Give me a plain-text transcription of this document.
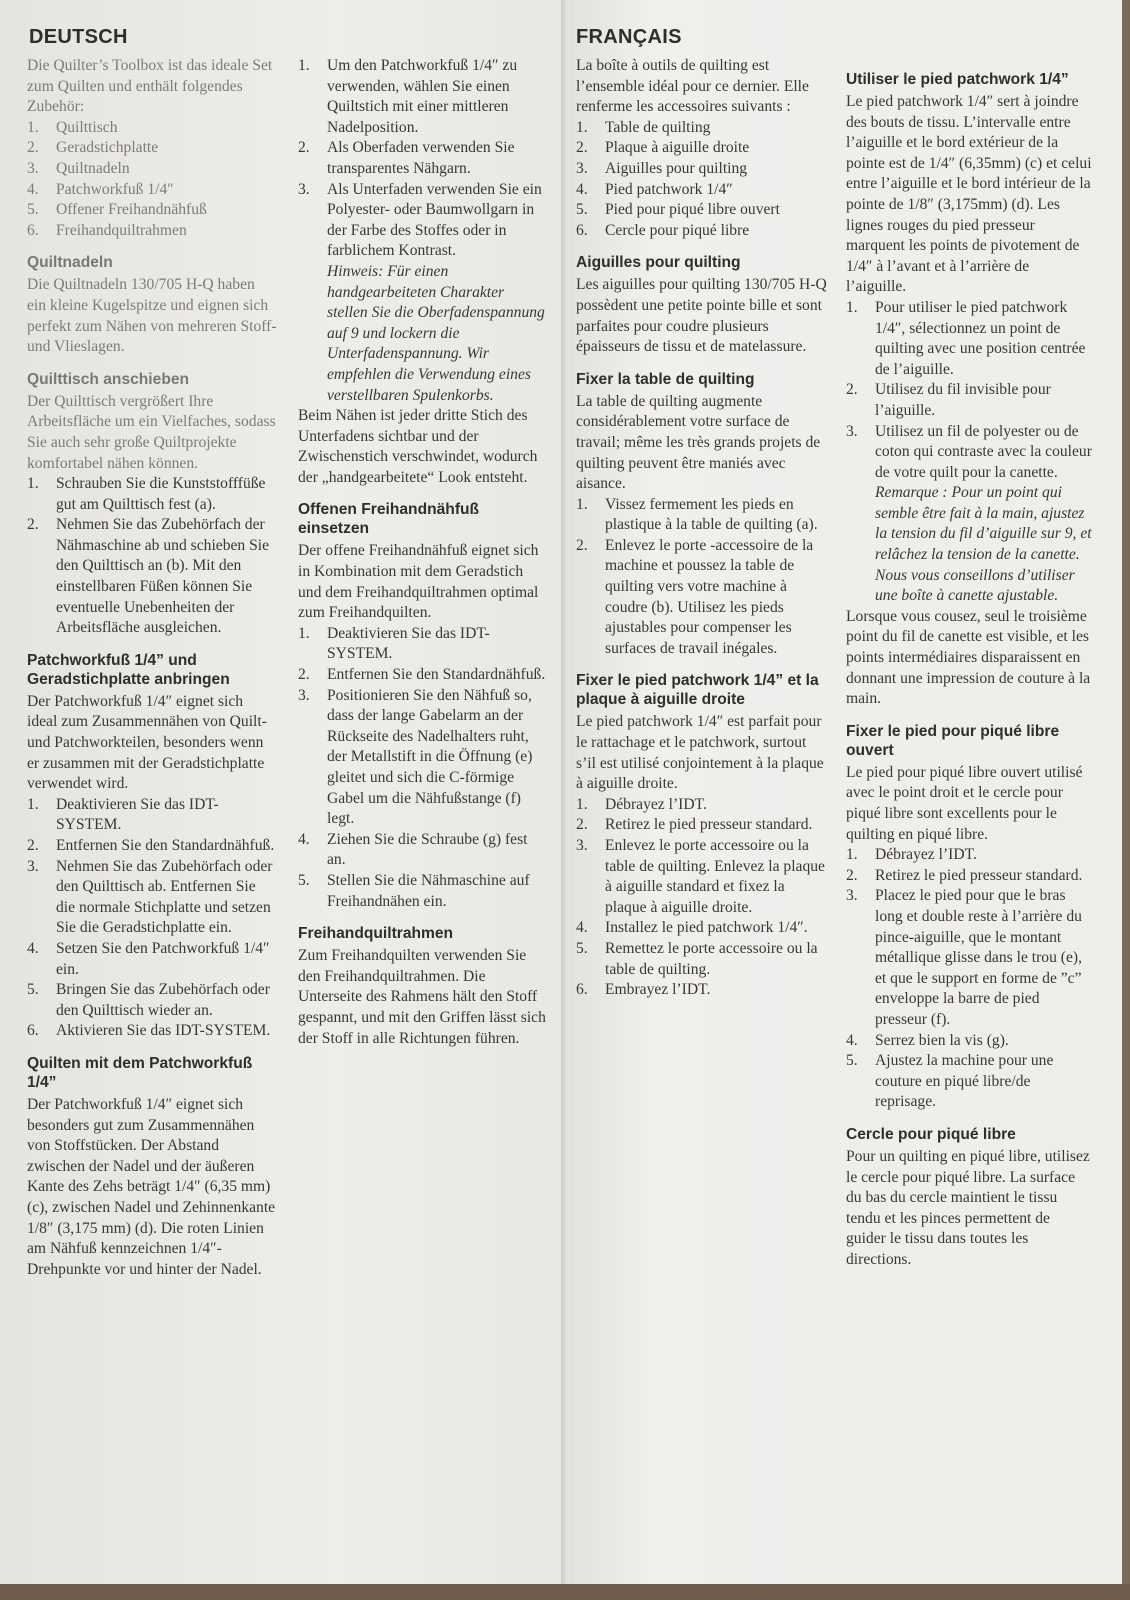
DEUTSCH

Die Quilter’s Toolbox ist das ideale Set zum Quilten und enthält folgendes Zubehör:

1. Quilttisch
2. Geradstichplatte
3. Quiltnadeln
4. Patchworkfuß 1/4″
5. Offener Freihandnähfuß
6. Freihandquiltrahmen
Quiltnadeln

Die Quiltnadeln 130/705 H-Q haben ein kleine Kugelspitze und eignen sich perfekt zum Nähen von mehreren Stoff- und Vlieslagen.

Quilttisch anschieben

Der Quilttisch vergrößert Ihre Arbeitsfläche um ein Vielfaches, sodass Sie auch sehr große Quiltprojekte komfortabel nähen können.

1. Schrauben Sie die Kunststofffüße gut am Quilttisch fest (a).
2. Nehmen Sie das Zubehörfach der Nähmaschine ab und schieben Sie den Quilttisch an (b). Mit den einstellbaren Füßen können Sie eventuelle Unebenheiten der Arbeitsfläche ausgleichen.
Patchworkfuß 1/4” und Geradstichplatte anbringen

Der Patchworkfuß 1/4″ eignet sich ideal zum Zusammennähen von Quilt- und Patchworkteilen, besonders wenn er zusammen mit der Geradstichplatte verwendet wird.

1. Deaktivieren Sie das IDT-SYSTEM.
2. Entfernen Sie den Standardnähfuß.
3. Nehmen Sie das Zubehörfach oder den Quilttisch ab. Entfernen Sie die normale Stichplatte und setzen Sie die Geradstichplatte ein.
4. Setzen Sie den Patchworkfuß 1/4″ ein.
5. Bringen Sie das Zubehörfach oder den Quilttisch wieder an.
6. Aktivieren Sie das IDT-SYSTEM.
Quilten mit dem Patchworkfuß 1/4”

Der Patchworkfuß 1/4″ eignet sich besonders gut zum Zusammennähen von Stoffstücken. Der Abstand zwischen der Nadel und der äußeren Kante des Zehs beträgt 1/4″ (6,35 mm) (c), zwischen Nadel und Zehinnenkante 1/8″ (3,175 mm) (d). Die roten Linien am Nähfuß kennzeichnen 1/4″-Drehpunkte vor und hinter der Nadel.

1. Um den Patchworkfuß 1/4″ zu verwenden, wählen Sie einen Quiltstich mit einer mittleren Nadelposition.
2. Als Oberfaden verwenden Sie transparentes Nähgarn.
3. Als Unterfaden verwenden Sie ein Polyester- oder Baumwollgarn in der Farbe des Stoffes oder in farblichem Kontrast.

Hinweis: Für einen handgearbeiteten Charakter stellen Sie die Oberfadenspannung auf 9 und lockern die Unterfadenspannung. Wir empfehlen die Verwendung eines verstellbaren Spulenkorbs.

Beim Nähen ist jeder dritte Stich des Unterfadens sichtbar und der Zwischenstich verschwindet, wodurch der „handgearbeitete“ Look entsteht.

Offenen Freihandnähfuß einsetzen

Der offene Freihandnähfuß eignet sich in Kombination mit dem Geradstich und dem Freihandquiltrahmen optimal zum Freihandquilten.

1. Deaktivieren Sie das IDT-SYSTEM.
2. Entfernen Sie den Standardnähfuß.
3. Positionieren Sie den Nähfuß so, dass der lange Gabelarm an der Rückseite des Nadelhalters ruht, der Metallstift in die Öffnung (e) gleitet und sich die C-förmige Gabel um die Nähfußstange (f) legt.
4. Ziehen Sie die Schraube (g) fest an.
5. Stellen Sie die Nähmaschine auf Freihandnähen ein.
Freihandquiltrahmen

Zum Freihandquilten verwenden Sie den Freihandquiltrahmen. Die Unterseite des Rahmens hält den Stoff gespannt, und mit den Griffen lässt sich der Stoff in alle Richtungen führen.

FRANÇAIS

La boîte à outils de quilting est l’ensemble idéal pour ce dernier. Elle renferme les accessoires suivants :

1. Table de quilting
2. Plaque à aiguille droite
3. Aiguilles pour quilting
4. Pied patchwork 1/4″
5. Pied pour piqué libre ouvert
6. Cercle pour piqué libre
Aiguilles pour quilting

Les aiguilles pour quilting 130/705 H-Q possèdent une petite pointe bille et sont parfaites pour coudre plusieurs épaisseurs de tissu et de matelassure.

Fixer la table de quilting

La table de quilting augmente considérablement votre surface de travail; même les très grands projets de quilting peuvent être maniés avec aisance.

1. Vissez fermement les pieds en plastique à la table de quilting (a).
2. Enlevez le porte -accessoire de la machine et poussez la table de quilting vers votre machine à coudre (b). Utilisez les pieds ajustables pour compenser les surfaces de travail inégales.
Fixer le pied patchwork 1/4” et la plaque à aiguille droite

Le pied patchwork 1/4″ est parfait pour le rattachage et le patchwork, surtout s’il est utilisé conjointement à la plaque à aiguille droite.

1. Débrayez l’IDT.
2. Retirez le pied presseur standard.
3. Enlevez le porte accessoire ou la table de quilting. Enlevez la plaque à aiguille standard et fixez la plaque à aiguille droite.
4. Installez le pied patchwork 1/4″.
5. Remettez le porte accessoire ou la table de quilting.
6. Embrayez l’IDT.
Utiliser le pied patchwork 1/4”

Le pied patchwork 1/4″ sert à joindre des bouts de tissu. L’intervalle entre l’aiguille et le bord extérieur de la pointe est de 1/4″ (6,35mm) (c) et celui entre l’aiguille et le bord intérieur de la pointe de 1/8″ (3,175mm) (d). Les lignes rouges du pied presseur marquent les points de pivotement de 1/4″ à l’avant et à l’arrière de l’aiguille.

1. Pour utiliser le pied patchwork 1/4″, sélectionnez un point de quilting avec une position centrée de l’aiguille.
2. Utilisez du fil invisible pour l’aiguille.
3. Utilisez un fil de polyester ou de coton qui contraste avec la couleur de votre quilt pour la canette.

Remarque : Pour un point qui semble être fait à la main, ajustez la tension du fil d’aiguille sur 9, et relâchez la tension de la canette. Nous vous conseillons d’utiliser une boîte à canette ajustable.

Lorsque vous cousez, seul le troisième point du fil de canette est visible, et les points intermédiaires disparaissent en donnant une impression de couture à la main.

Fixer le pied pour piqué libre ouvert

Le pied pour piqué libre ouvert utilisé avec le point droit et le cercle pour piqué libre sont excellents pour le quilting en piqué libre.

1. Débrayez l’IDT.
2. Retirez le pied presseur standard.
3. Placez le pied pour que le bras long et double reste à l’arrière du pince-aiguille, que le montant métallique glisse dans le trou (e), et que le support en forme de ”c” enveloppe la barre de pied presseur (f).
4. Serrez bien la vis (g).
5. Ajustez la machine pour une couture en piqué libre/de reprisage.
Cercle pour piqué libre

Pour un quilting en piqué libre, utilisez le cercle pour piqué libre. La surface du bas du cercle maintient le tissu tendu et les pinces permettent de guider le tissu dans toutes les directions.
